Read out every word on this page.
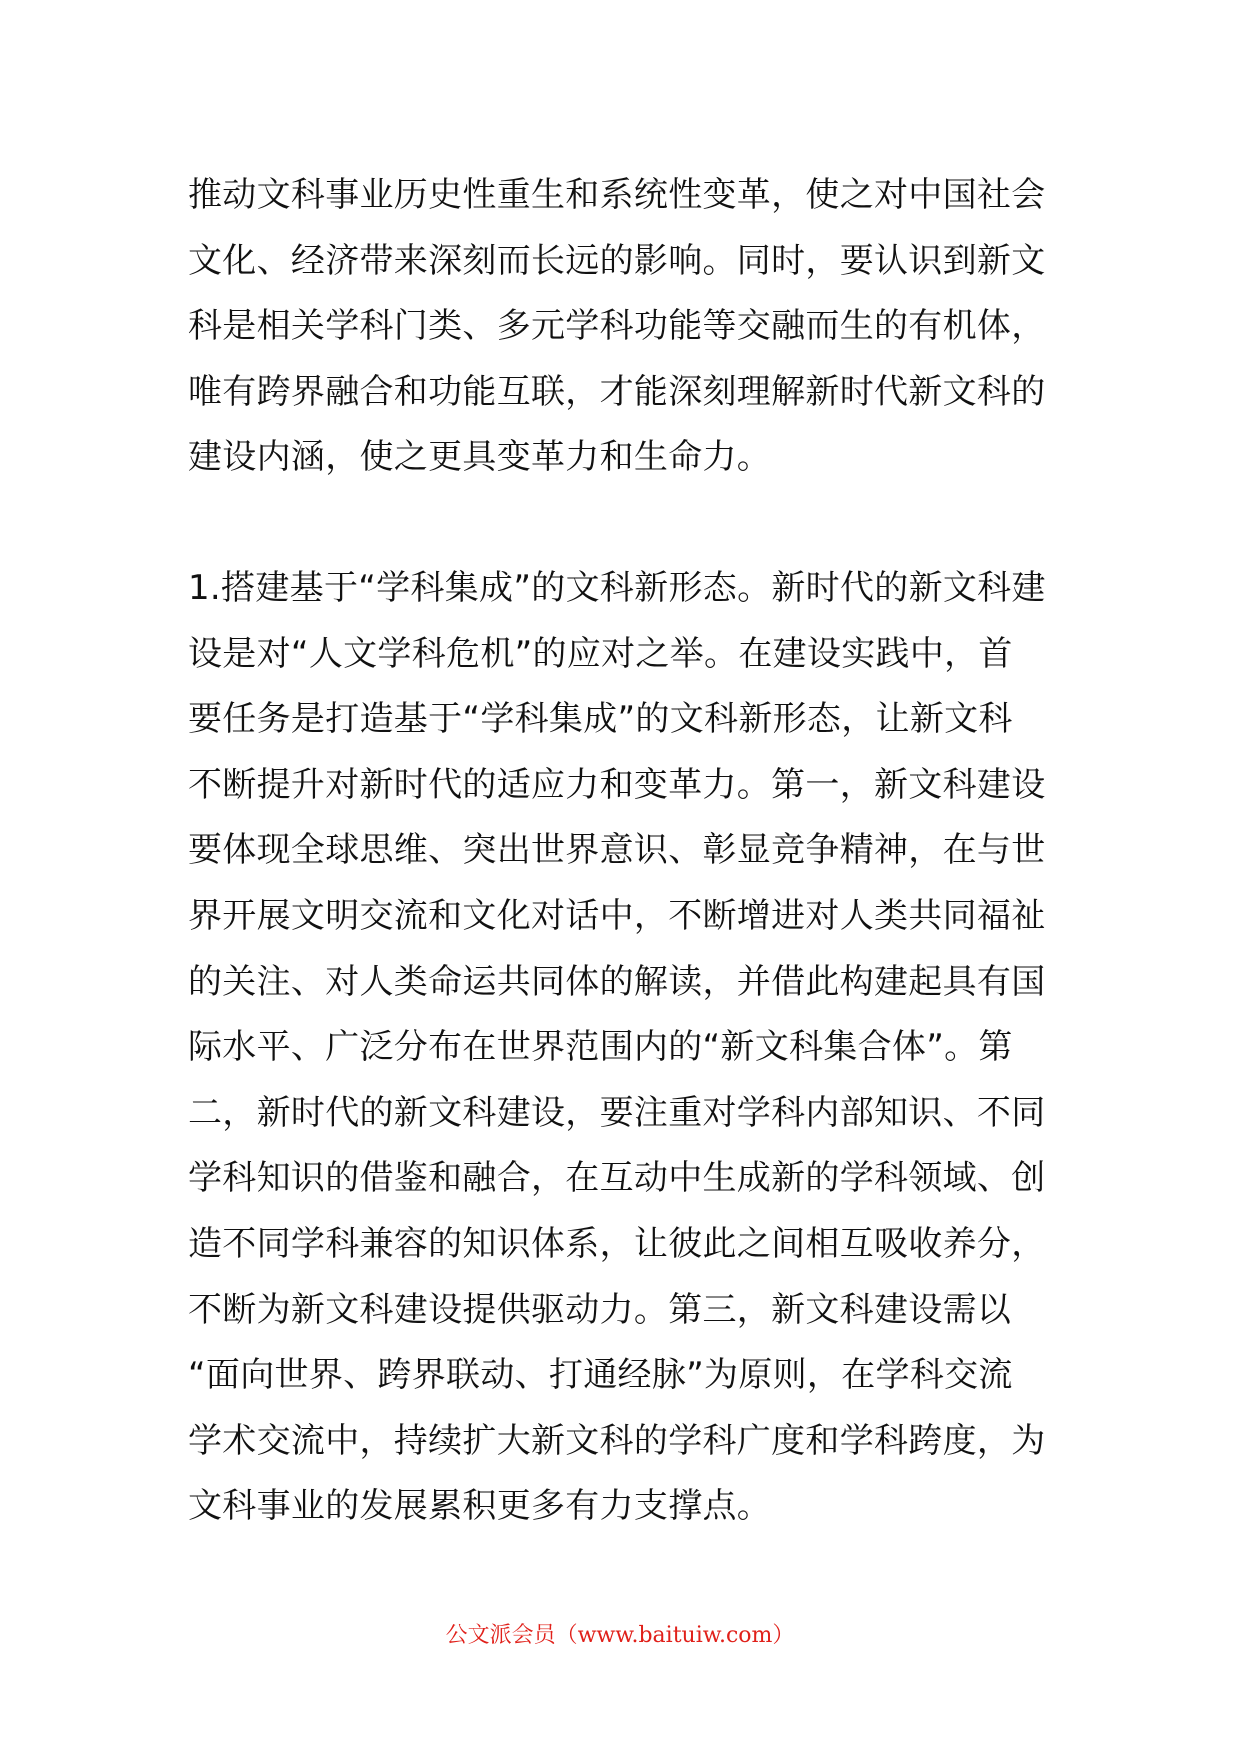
推动文科事业历史性重生和系统性变革，使之对中国社会
文化、经济带来深刻而长远的影响。同时，要认识到新文
科是相关学科门类、多元学科功能等交融而生的有机体，
唯有跨界融合和功能互联，才能深刻理解新时代新文科的
建设内涵，使之更具变革力和生命力。

1.搭建基于“学科集成”的文科新形态。新时代的新文科建
设是对“人文学科危机”的应对之举。在建设实践中，首
要任务是打造基于“学科集成”的文科新形态，让新文科
不断提升对新时代的适应力和变革力。第一，新文科建设
要体现全球思维、突出世界意识、彰显竞争精神，在与世
界开展文明交流和文化对话中，不断增进对人类共同福祉
的关注、对人类命运共同体的解读，并借此构建起具有国
际水平、广泛分布在世界范围内的“新文科集合体”。第
二，新时代的新文科建设，要注重对学科内部知识、不同
学科知识的借鉴和融合，在互动中生成新的学科领域、创
造不同学科兼容的知识体系，让彼此之间相互吸收养分，
不断为新文科建设提供驱动力。第三，新文科建设需以
“面向世界、跨界联动、打通经脉”为原则，在学科交流
学术交流中，持续扩大新文科的学科广度和学科跨度，为
文科事业的发展累积更多有力支撑点。

公文派会员（www.baituiw.com）
